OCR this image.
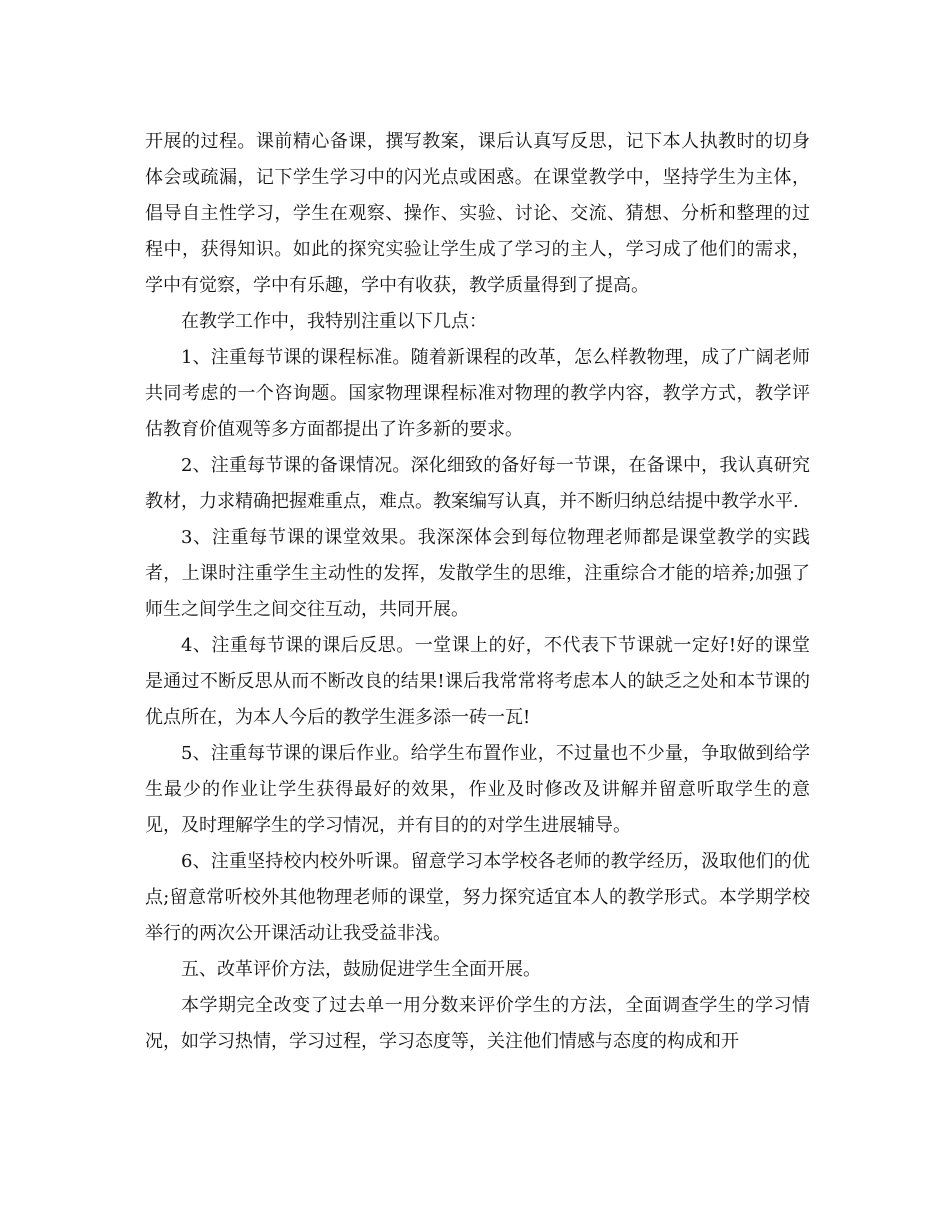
开展的过程。课前精心备课，撰写教案，课后认真写反思，记下本人执教时的切身体会或疏漏，记下学生学习中的闪光点或困惑。在课堂教学中，坚持学生为主体，倡导自主性学习，学生在观察、操作、实验、讨论、交流、猜想、分析和整理的过程中，获得知识。如此的探究实验让学生成了学习的主人，学习成了他们的需求，学中有觉察，学中有乐趣，学中有收获，教学质量得到了提高。

在教学工作中，我特别注重以下几点：

1、注重每节课的课程标准。随着新课程的改革，怎么样教物理，成了广阔老师共同考虑的一个咨询题。国家物理课程标准对物理的教学内容，教学方式，教学评估教育价值观等多方面都提出了许多新的要求。

2、注重每节课的备课情况。深化细致的备好每一节课，在备课中，我认真研究教材，力求精确把握难重点，难点。教案编写认真，并不断归纳总结提中教学水平.

3、注重每节课的课堂效果。我深深体会到每位物理老师都是课堂教学的实践者，上课时注重学生主动性的发挥，发散学生的思维，注重综合才能的培养;加强了师生之间学生之间交往互动，共同开展。

4、注重每节课的课后反思。一堂课上的好，不代表下节课就一定好!好的课堂是通过不断反思从而不断改良的结果!课后我常常将考虑本人的缺乏之处和本节课的优点所在，为本人今后的教学生涯多添一砖一瓦!

5、注重每节课的课后作业。给学生布置作业，不过量也不少量，争取做到给学生最少的作业让学生获得最好的效果，作业及时修改及讲解并留意听取学生的意见，及时理解学生的学习情况，并有目的的对学生进展辅导。

6、注重坚持校内校外听课。留意学习本学校各老师的教学经历，汲取他们的优点;留意常听校外其他物理老师的课堂，努力探究适宜本人的教学形式。本学期学校举行的两次公开课活动让我受益非浅。

五、改革评价方法，鼓励促进学生全面开展。

本学期完全改变了过去单一用分数来评价学生的方法，全面调查学生的学习情况，如学习热情，学习过程，学习态度等，关注他们情感与态度的构成和开
